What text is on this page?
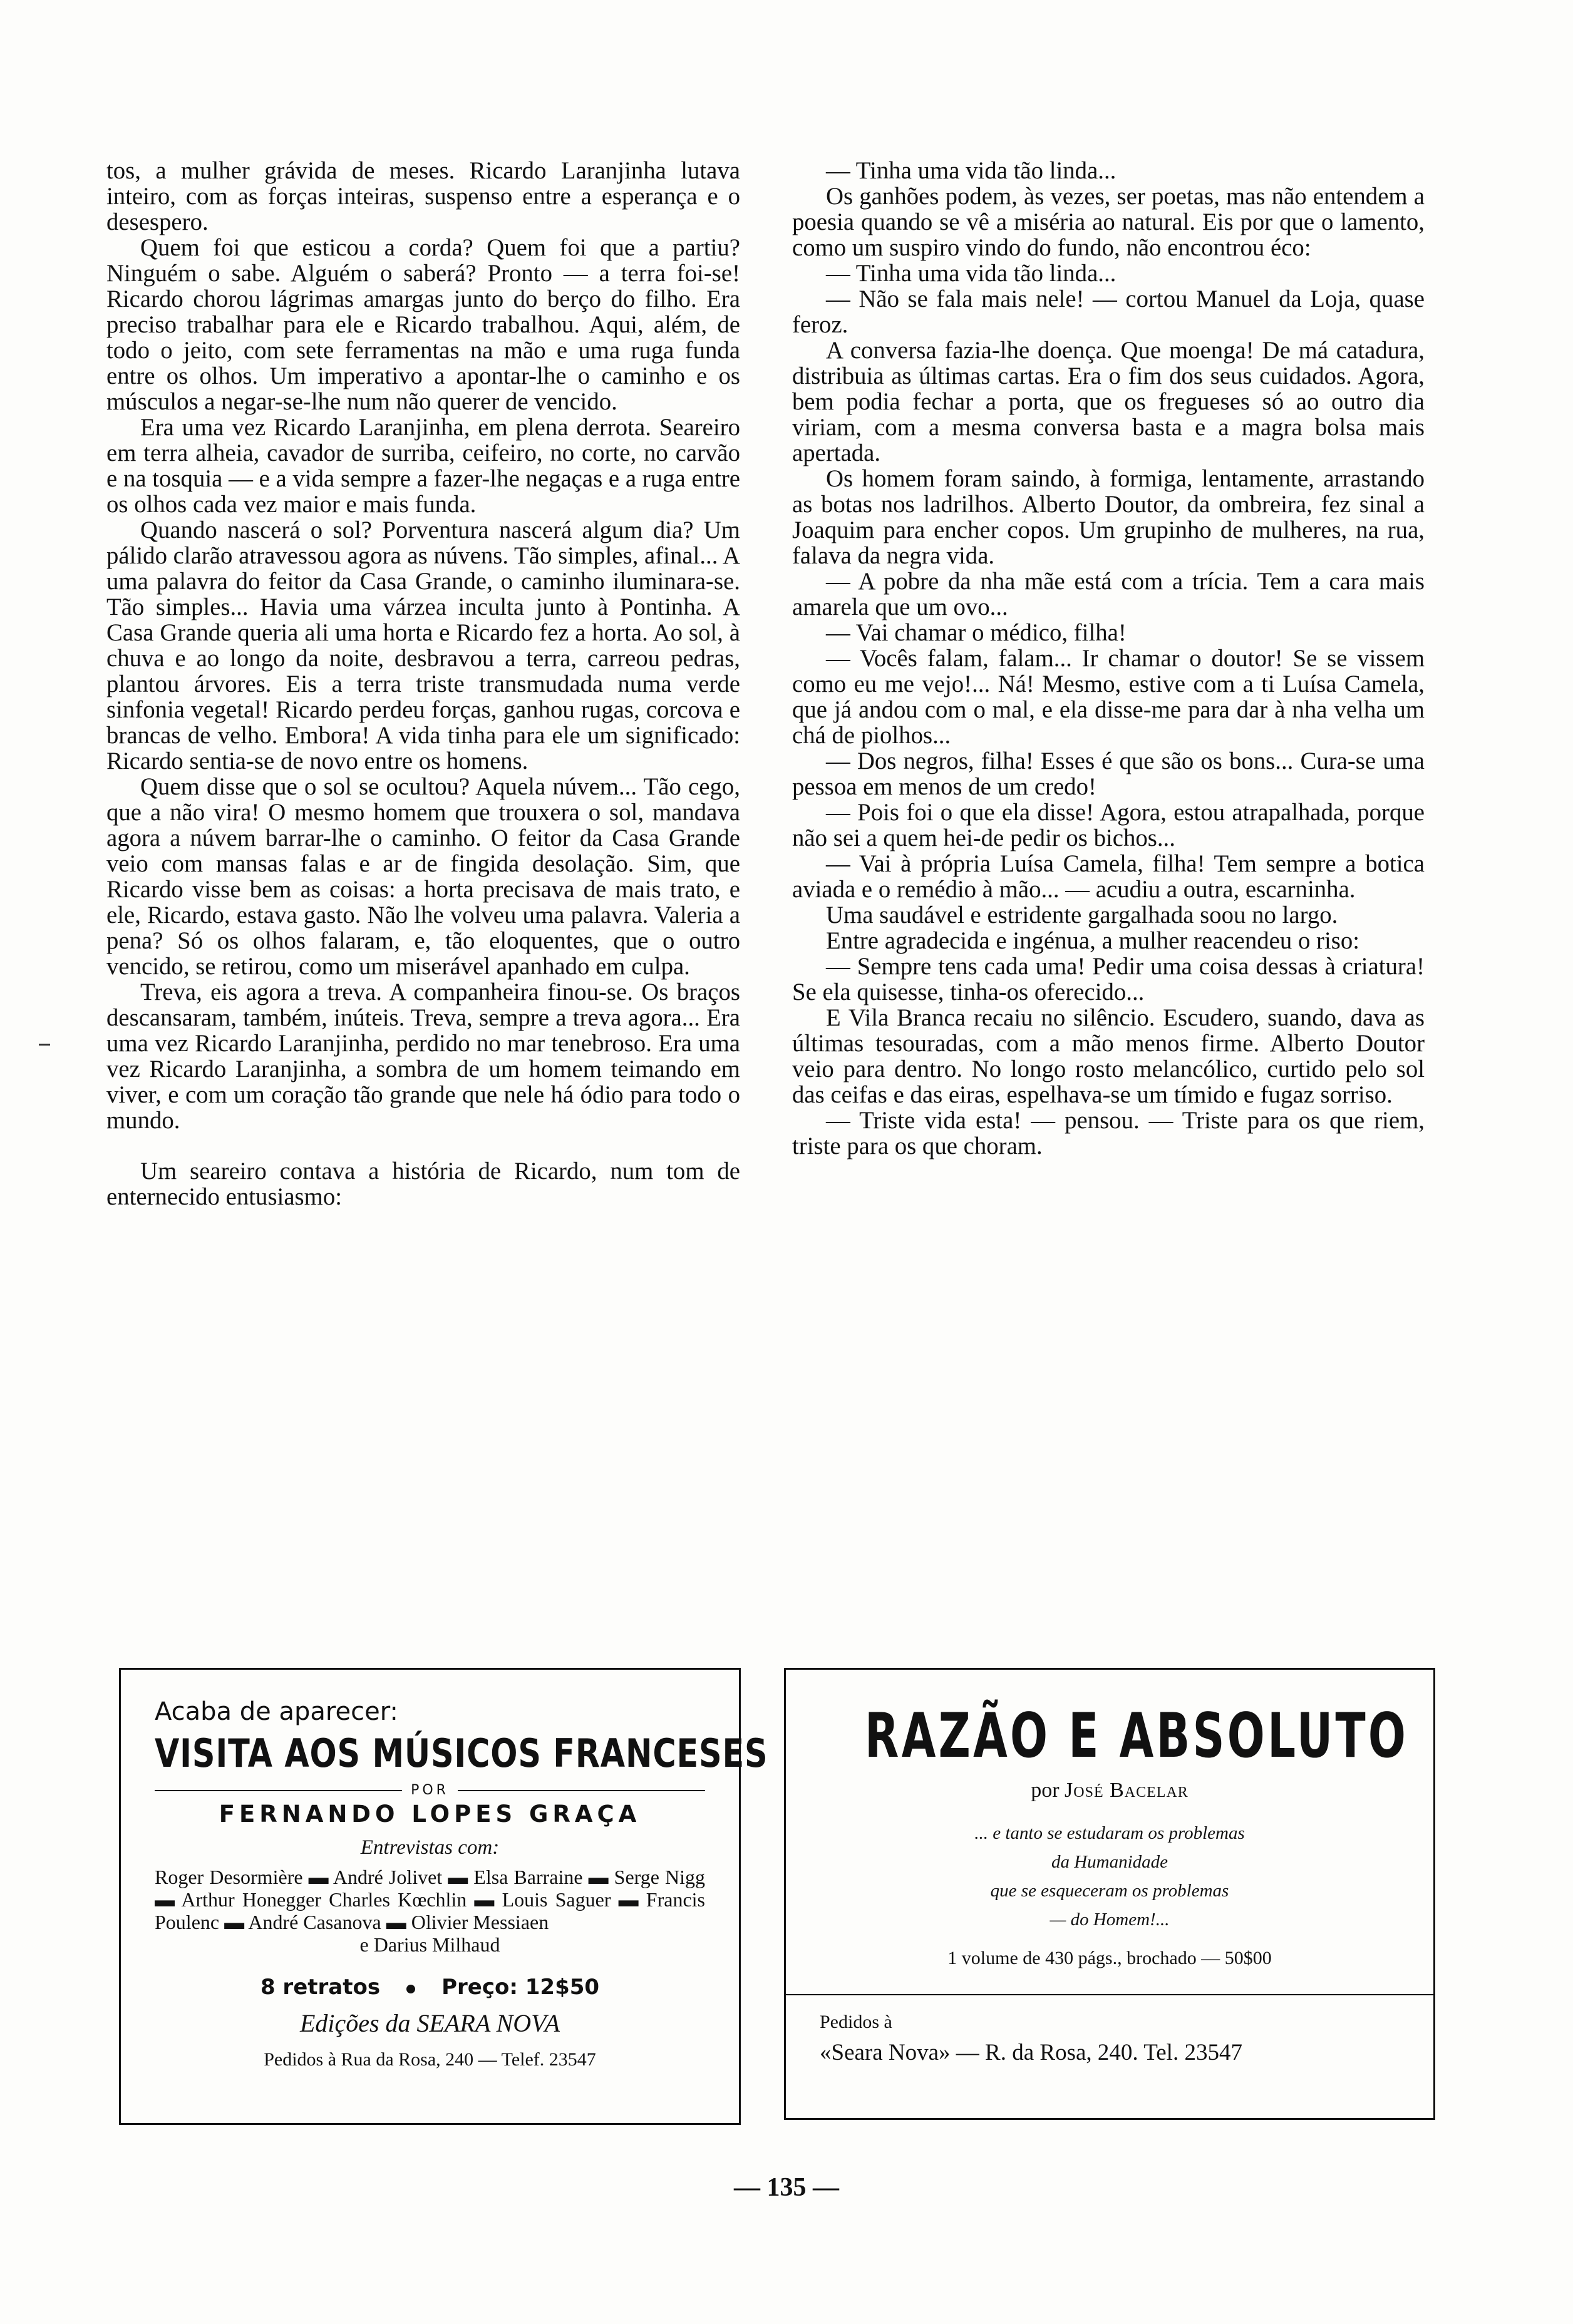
tos, a mulher grávida de meses. Ricardo Laranjinha lutava inteiro, com as forças inteiras, suspenso entre a esperança e o desespero.

Quem foi que esticou a corda? Quem foi que a partiu? Ninguém o sabe. Alguém o saberá? Pronto — a terra foi-se! Ricardo chorou lágrimas amargas junto do berço do filho. Era preciso trabalhar para ele e Ricardo trabalhou. Aqui, além, de todo o jeito, com sete ferramentas na mão e uma ruga funda entre os olhos. Um imperativo a apontar-lhe o caminho e os músculos a negar-se-lhe num não querer de vencido.

Era uma vez Ricardo Laranjinha, em plena derrota. Seareiro em terra alheia, cavador de surriba, ceifeiro, no corte, no carvão e na tosquia — e a vida sempre a fazer-lhe negaças e a ruga entre os olhos cada vez maior e mais funda.

Quando nascerá o sol? Porventura nascerá algum dia? Um pálido clarão atravessou agora as núvens. Tão simples, afinal... A uma palavra do feitor da Casa Grande, o caminho iluminara-se. Tão simples... Havia uma várzea inculta junto à Pontinha. A Casa Grande queria ali uma horta e Ricardo fez a horta. Ao sol, à chuva e ao longo da noite, desbravou a terra, carreou pedras, plantou árvores. Eis a terra triste transmudada numa verde sinfonia vegetal! Ricardo perdeu forças, ganhou rugas, corcova e brancas de velho. Embora! A vida tinha para ele um significado: Ricardo sentia-se de novo entre os homens.

Quem disse que o sol se ocultou? Aquela núvem... Tão cego, que a não vira! O mesmo homem que trouxera o sol, mandava agora a núvem barrar-lhe o caminho. O feitor da Casa Grande veio com mansas falas e ar de fingida desolação. Sim, que Ricardo visse bem as coisas: a horta precisava de mais trato, e ele, Ricardo, estava gasto. Não lhe volveu uma palavra. Valeria a pena? Só os olhos falaram, e, tão eloquentes, que o outro vencido, se retirou, como um miserável apanhado em culpa.

Treva, eis agora a treva. A companheira finou-se. Os braços descansaram, também, inúteis. Treva, sempre a treva agora... Era uma vez Ricardo Laranjinha, perdido no mar tenebroso. Era uma vez Ricardo Laranjinha, a sombra de um homem teimando em viver, e com um coração tão grande que nele há ódio para todo o mundo.

Um seareiro contava a história de Ricardo, num tom de enternecido entusiasmo:

— Tinha uma vida tão linda...

Os ganhões podem, às vezes, ser poetas, mas não entendem a poesia quando se vê a miséria ao natural. Eis por que o lamento, como um suspiro vindo do fundo, não encontrou éco:

— Tinha uma vida tão linda...

— Não se fala mais nele! — cortou Manuel da Loja, quase feroz.

A conversa fazia-lhe doença. Que moenga! De má catadura, distribuia as últimas cartas. Era o fim dos seus cuidados. Agora, bem podia fechar a porta, que os fregueses só ao outro dia viriam, com a mesma conversa basta e a magra bolsa mais apertada.

Os homem foram saindo, à formiga, lentamente, arrastando as botas nos ladrilhos. Alberto Doutor, da ombreira, fez sinal a Joaquim para encher copos. Um grupinho de mulheres, na rua, falava da negra vida.

— A pobre da nha mãe está com a trícia. Tem a cara mais amarela que um ovo...

— Vai chamar o médico, filha!

— Vocês falam, falam... Ir chamar o doutor! Se se vissem como eu me vejo!... Ná! Mesmo, estive com a ti Luísa Camela, que já andou com o mal, e ela disse-me para dar à nha velha um chá de piolhos...

— Dos negros, filha! Esses é que são os bons... Cura-se uma pessoa em menos de um credo!

— Pois foi o que ela disse! Agora, estou atrapalhada, porque não sei a quem hei-de pedir os bichos...

— Vai à própria Luísa Camela, filha! Tem sempre a botica aviada e o remédio à mão... — acudiu a outra, escarninha.

Uma saudável e estridente gargalhada soou no largo.

Entre agradecida e ingénua, a mulher reacendeu o riso:

— Sempre tens cada uma! Pedir uma coisa dessas à criatura! Se ela quisesse, tinha-os oferecido...

E Vila Branca recaiu no silêncio. Escudero, suando, dava as últimas tesouradas, com a mão menos firme. Alberto Doutor veio para dentro. No longo rosto melancólico, curtido pelo sol das ceifas e das eiras, espelhava-se um tímido e fugaz sorriso.

— Triste vida esta! — pensou. — Triste para os que riem, triste para os que choram.

Acaba de aparecer:

VISITA AOS MÚSICOS FRANCESES
POR
FERNANDO LOPES GRAÇA
Entrevistas com:
Roger Desormière ▬ André Jolivet ▬ Elsa Barraine ▬ Serge Nigg ▬ Arthur Honegger Charles Kœchlin ▬ Louis Saguer ▬ Francis Poulenc ▬ André Casanova ▬ Olivier Messiaen
e Darius Milhaud
8 retratos	Preço: 12$50
Edições da SEARA NOVA
Pedidos à Rua da Rosa, 240 — Telef. 23547
RAZÃO E ABSOLUTO
por José Bacelar
... e tanto se estudaram os problemas
da Humanidade
que se esqueceram os problemas
— do Homem!...
1 volume de 430 págs., brochado — 50$00
Pedidos à
«Seara Nova» — R. da Rosa, 240. Tel. 23547
— 135 —
